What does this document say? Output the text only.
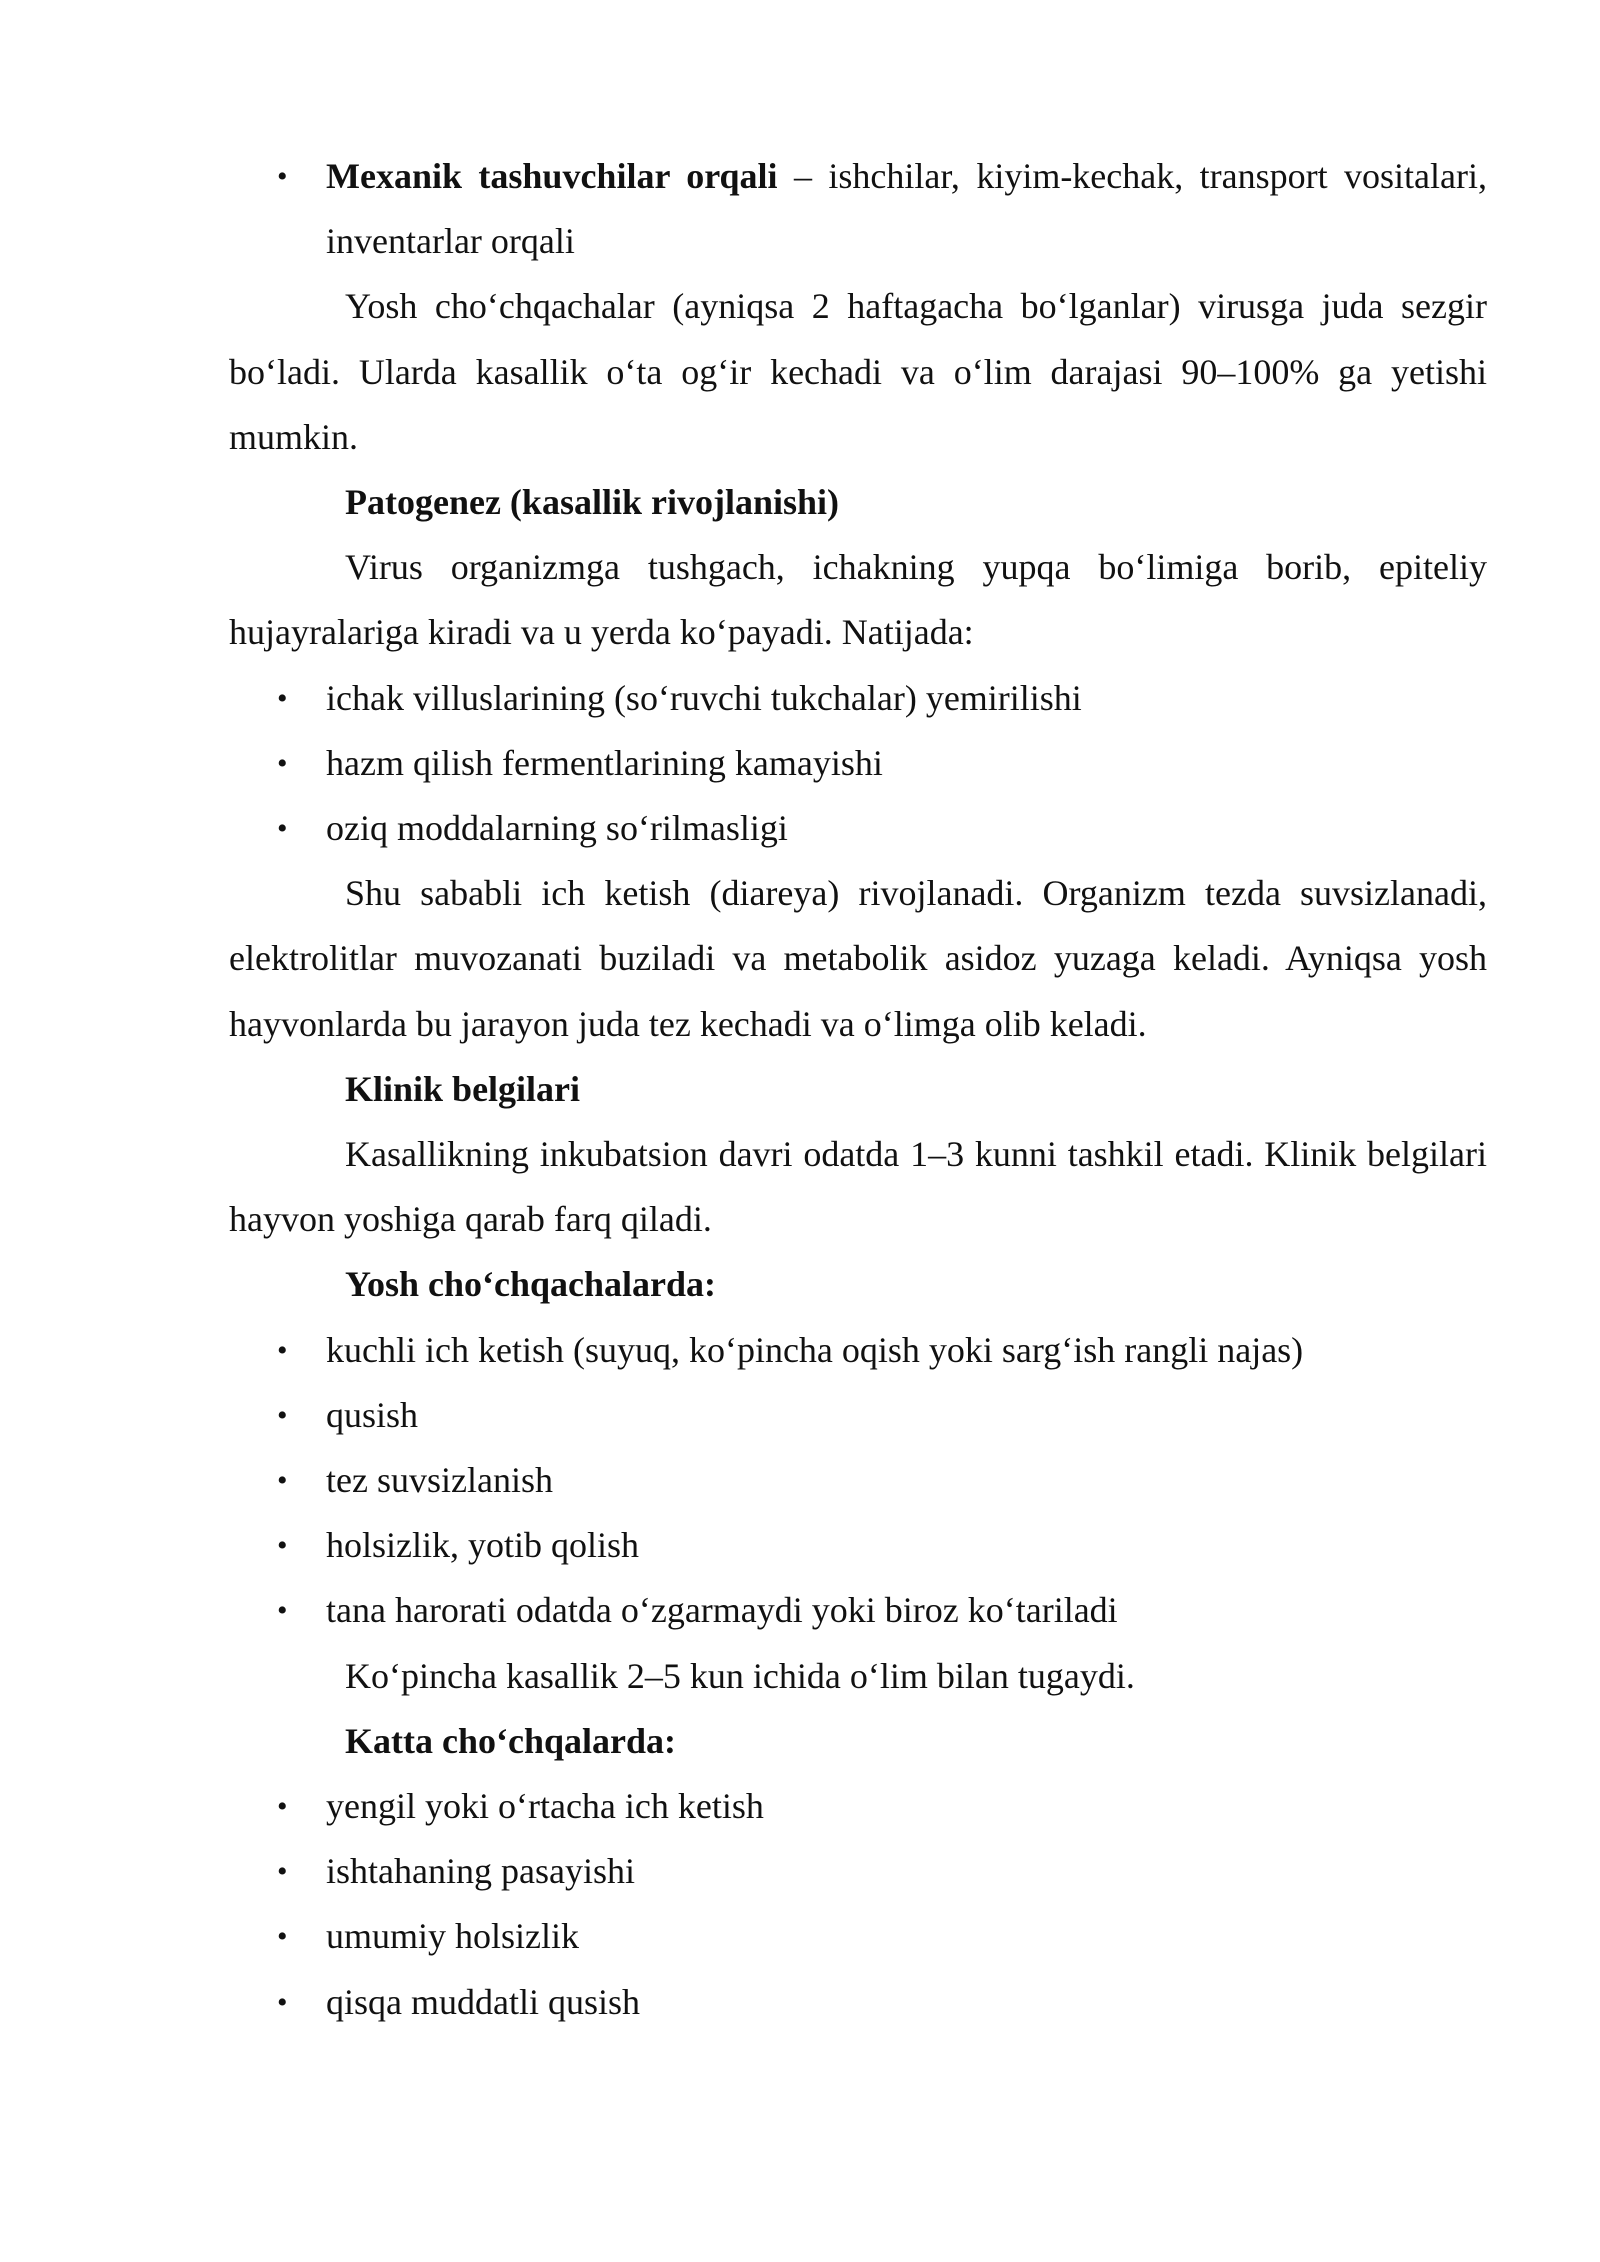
• Mexanik tashuvchilar orqali – ishchilar, kiyim-kechak, transport vositalari, inventarlar orqali

Yosh cho‘chqachalar (ayniqsa 2 haftagacha bo‘lganlar) virusga juda sezgir bo‘ladi. Ularda kasallik o‘ta og‘ir kechadi va o‘lim darajasi 90–100% ga yetishi mumkin.

Patogenez (kasallik rivojlanishi)

Virus organizmga tushgach, ichakning yupqa bo‘limiga borib, epiteliy hujayralariga kiradi va u yerda ko‘payadi. Natijada:

• ichak villuslarining (so‘ruvchi tukchalar) yemirilishi
• hazm qilish fermentlarining kamayishi
• oziq moddalarning so‘rilmasligi

Shu sababli ich ketish (diareya) rivojlanadi. Organizm tezda suvsizlanadi, elektrolitlar muvozanati buziladi va metabolik asidoz yuzaga keladi. Ayniqsa yosh hayvonlarda bu jarayon juda tez kechadi va o‘limga olib keladi.

Klinik belgilari

Kasallikning inkubatsion davri odatda 1–3 kunni tashkil etadi. Klinik belgilari hayvon yoshiga qarab farq qiladi.

Yosh cho‘chqachalarda:

• kuchli ich ketish (suyuq, ko‘pincha oqish yoki sarg‘ish rangli najas)
• qusish
• tez suvsizlanish
• holsizlik, yotib qolish
• tana harorati odatda o‘zgarmaydi yoki biroz ko‘tariladi

Ko‘pincha kasallik 2–5 kun ichida o‘lim bilan tugaydi.

Katta cho‘chqalarda:

• yengil yoki o‘rtacha ich ketish
• ishtahaning pasayishi
• umumiy holsizlik
• qisqa muddatli qusish
